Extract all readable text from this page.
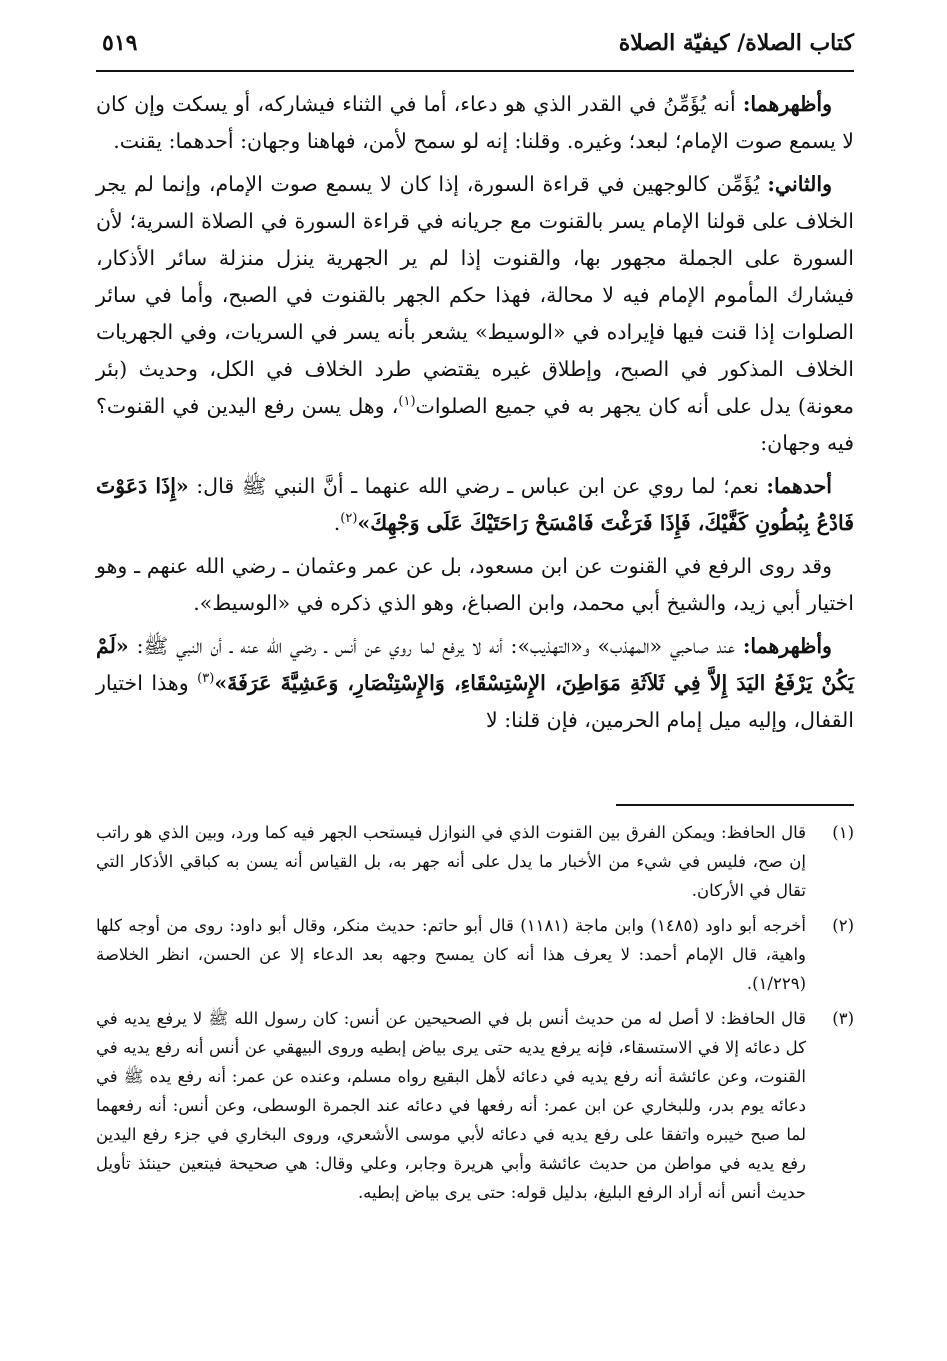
كتاب الصلاة/ كيفيّة الصلاة
٥١٩

وأظهرهما: أنه يُؤَمِّنُ في القدر الذي هو دعاء، أما في الثناء فيشاركه، أو يسكت وإن كان لا يسمع صوت الإمام؛ لبعد؛ وغيره. وقلنا: إنه لو سمح لأمن، فهاهنا وجهان: أحدهما: يقنت.

والثاني: يُؤَمِّن كالوجهين في قراءة السورة، إذا كان لا يسمع صوت الإمام، وإنما لم يجر الخلاف على قولنا الإمام يسر بالقنوت مع جريانه في قراءة السورة في الصلاة السرية؛ لأن السورة على الجملة مجهور بها، والقنوت إذا لم ير الجهرية ينزل منزلة سائر الأذكار، فيشارك المأموم الإمام فيه لا محالة، فهذا حكم الجهر بالقنوت في الصبح، وأما في سائر الصلوات إذا قنت فيها فإيراده في «الوسيط» يشعر بأنه يسر في السريات، وفي الجهريات الخلاف المذكور في الصبح، وإطلاق غيره يقتضي طرد الخلاف في الكل، وحديث (بئر معونة) يدل على أنه كان يجهر به في جميع الصلوات$^{(١)}$، وهل يسن رفع اليدين في القنوت؟ فيه وجهان:

أحدهما: نعم؛ لما روي عن ابن عباس ـ رضي الله عنهما ـ أنَّ النبي ﷺ قال: «إِذَا دَعَوْتَ فَادْعُ بِبُطُونِ كَفَّيْكَ، فَإِذَا فَرَغْتَ فَامْسَحْ رَاحَتَيْكَ عَلَى وَجْهِكَ»$^{(٢)}$.

وقد روى الرفع في القنوت عن ابن مسعود، بل عن عمر وعثمان ـ رضي الله عنهم ـ وهو اختيار أبي زيد، والشيخ أبي محمد، وابن الصباغ، وهو الذي ذكره في «الوسيط».

وأظهرهما: عند صاحبي «المهذب» و«التهذيب»: أنه لا يرفع لما روي عن أنس ـ رضي الله عنه ـ أن النبي ﷺ: «لَمْ يَكُنْ يَرْفَعُ اليَدَ إِلاَّ فِي ثَلاَثَةِ مَوَاطِنَ، الإِسْتِسْقَاءِ، وَالإِسْتِنْصَارِ، وَعَشِيَّةَ عَرَفَةَ»$^{(٣)}$ وهذا اختيار القفال، وإليه ميل إمام الحرمين، فإن قلنا: لا

(١)
قال الحافظ: ويمكن الفرق بين القنوت الذي في النوازل فيستحب الجهر فيه كما ورد، وبين الذي هو راتب إن صح، فليس في شيء من الأخبار ما يدل على أنه جهر به، بل القياس أنه يسن به كباقي الأذكار التي تقال في الأركان.
(٢)
أخرجه أبو داود (١٤٨٥) وابن ماجة (١١٨١) قال أبو حاتم: حديث منكر، وقال أبو داود: روى من أوجه كلها واهية، قال الإمام أحمد: لا يعرف هذا أنه كان يمسح وجهه بعد الدعاء إلا عن الحسن، انظر الخلاصة (١/٢٢٩).
(٣)
قال الحافظ: لا أصل له من حديث أنس بل في الصحيحين عن أنس: كان رسول الله ﷺ لا يرفع يديه في كل دعائه إلا في الاستسقاء، فإنه يرفع يديه حتى يرى بياض إبطيه وروى البيهقي عن أنس أنه رفع يديه في القنوت، وعن عائشة أنه رفع يديه في دعائه لأهل البقيع رواه مسلم، وعنده عن عمر: أنه رفع يده ﷺ في دعائه يوم بدر، وللبخاري عن ابن عمر: أنه رفعها في دعائه عند الجمرة الوسطى، وعن أنس: أنه رفعهما لما صبح خيبره واتفقا على رفع يديه في دعائه لأبي موسى الأشعري، وروى البخاري في جزء رفع اليدين رفع يديه في مواطن من حديث عائشة وأبي هريرة وجابر، وعلي وقال: هي صحيحة فيتعين حينئذ تأويل حديث أنس أنه أراد الرفع البليغ، بدليل قوله: حتى يرى بياض إبطيه.
